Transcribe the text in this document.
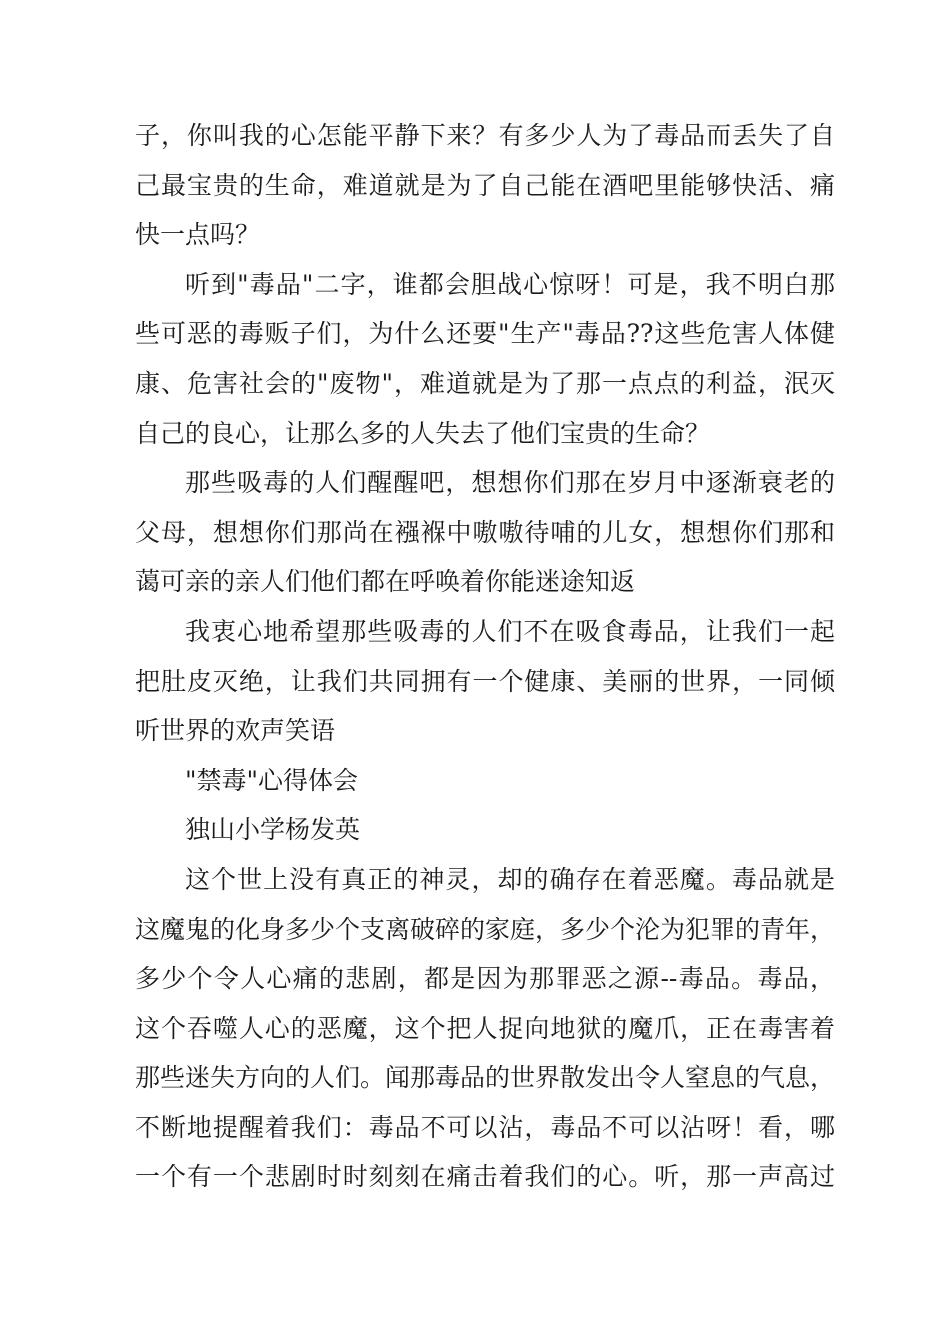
子，你叫我的心怎能平静下来？有多少人为了毒品而丢失了自
己最宝贵的生命，难道就是为了自己能在酒吧里能够快活、痛
快一点吗？
听到"毒品"二字，谁都会胆战心惊呀！可是，我不明白那
些可恶的毒贩子们，为什么还要"生产"毒品??这些危害人体健
康、危害社会的"废物"，难道就是为了那一点点的利益，泯灭
自己的良心，让那么多的人失去了他们宝贵的生命？
那些吸毒的人们醒醒吧，想想你们那在岁月中逐渐衰老的
父母，想想你们那尚在襁褓中嗷嗷待哺的儿女，想想你们那和
蔼可亲的亲人们他们都在呼唤着你能迷途知返
我衷心地希望那些吸毒的人们不在吸食毒品，让我们一起
把肚皮灭绝，让我们共同拥有一个健康、美丽的世界，一同倾
听世界的欢声笑语
"禁毒"心得体会
独山小学杨发英
这个世上没有真正的神灵，却的确存在着恶魔。毒品就是
这魔鬼的化身多少个支离破碎的家庭，多少个沦为犯罪的青年，
多少个令人心痛的悲剧，都是因为那罪恶之源--毒品。毒品，
这个吞噬人心的恶魔，这个把人捉向地狱的魔爪，正在毒害着
那些迷失方向的人们。闻那毒品的世界散发出令人窒息的气息，
不断地提醒着我们：毒品不可以沾，毒品不可以沾呀！看，哪
一个有一个悲剧时时刻刻在痛击着我们的心。听，那一声高过
